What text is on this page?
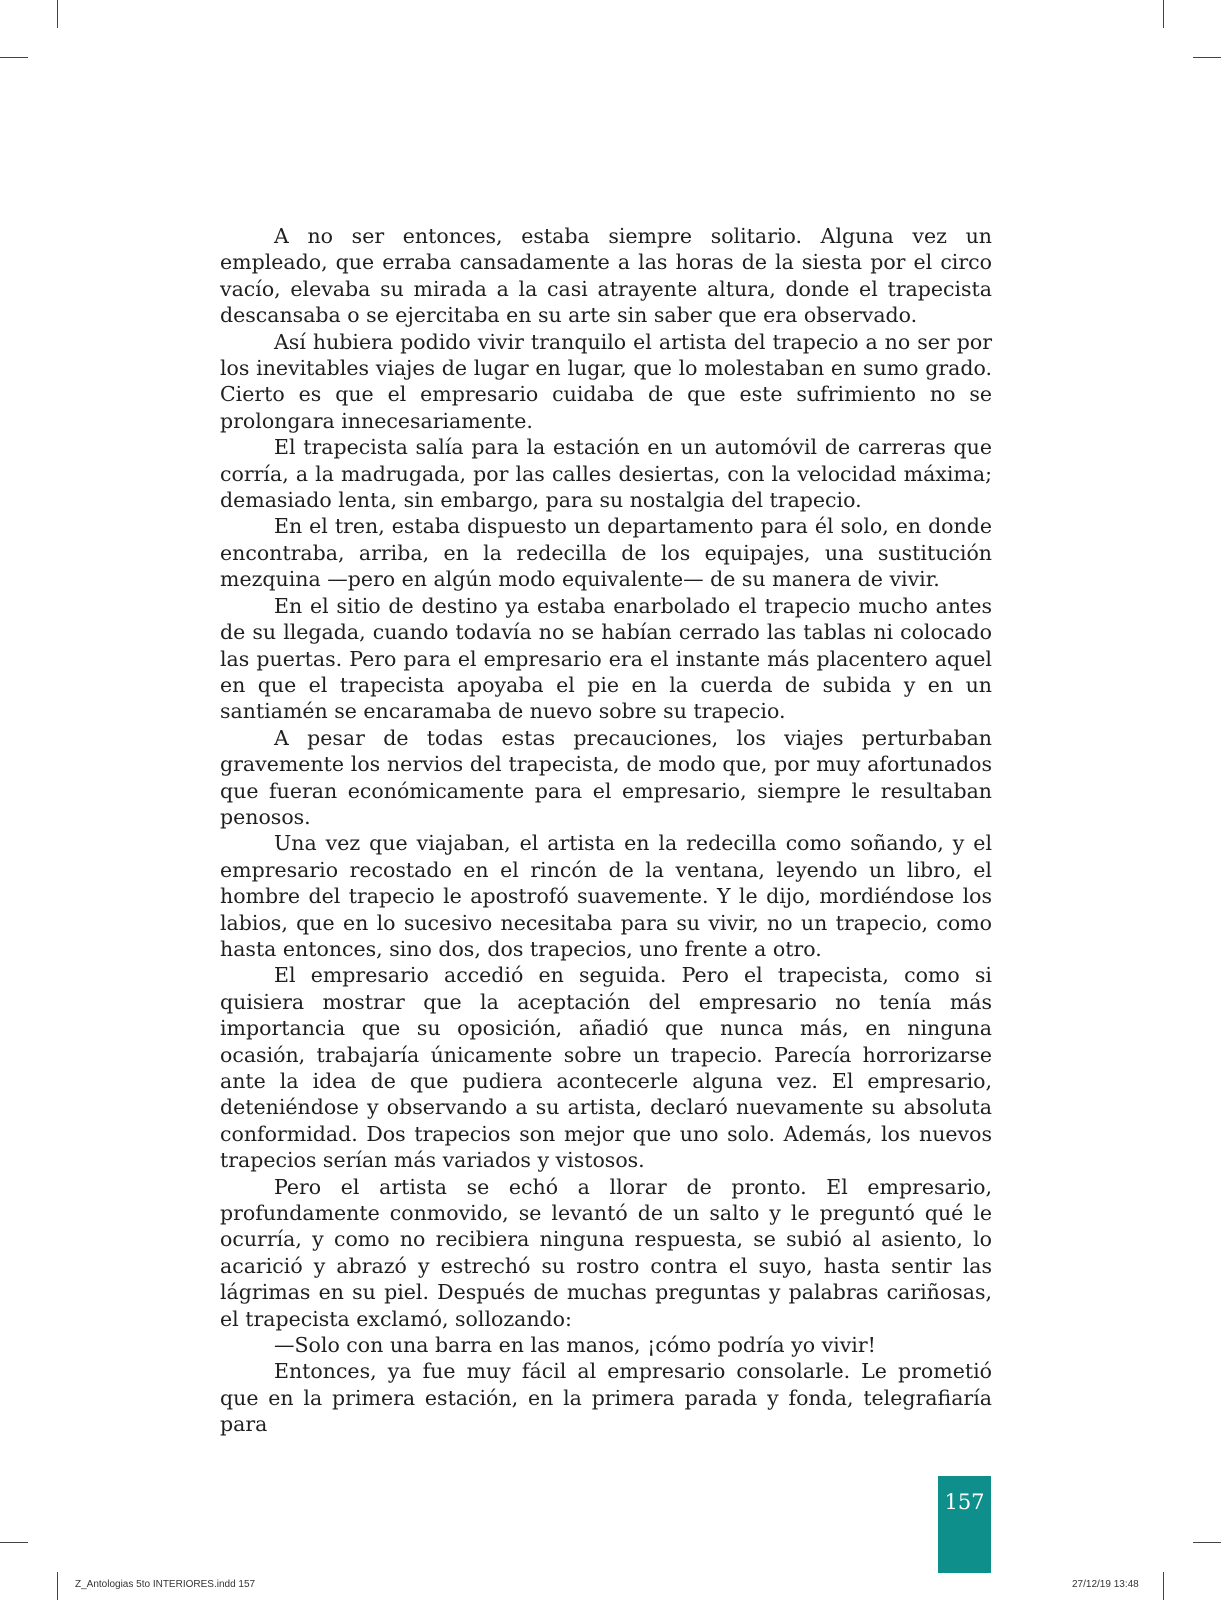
A no ser entonces, estaba siempre solitario. Alguna vez un empleado, que erraba cansadamente a las horas de la siesta por el circo vacío, elevaba su mirada a la casi atrayente altura, donde el trapecista descansaba o se ejercitaba en su arte sin saber que era observado.

Así hubiera podido vivir tranquilo el artista del trapecio a no ser por los inevitables viajes de lugar en lugar, que lo molestaban en sumo grado. Cierto es que el empresario cuidaba de que este sufrimiento no se prolongara innecesariamente.

El trapecista salía para la estación en un automóvil de carreras que corría, a la madrugada, por las calles desiertas, con la velocidad máxima; demasiado lenta, sin embargo, para su nostalgia del trapecio.

En el tren, estaba dispuesto un departamento para él solo, en donde encontraba, arriba, en la redecilla de los equipajes, una sustitución mezquina —pero en algún modo equivalente— de su manera de vivir.

En el sitio de destino ya estaba enarbolado el trapecio mucho antes de su llegada, cuando todavía no se habían cerrado las tablas ni colocado las puertas. Pero para el empresario era el instante más placentero aquel en que el trapecista apoyaba el pie en la cuerda de subida y en un santiamén se encaramaba de nuevo sobre su trapecio.

A pesar de todas estas precauciones, los viajes perturbaban gravemente los nervios del trapecista, de modo que, por muy afortunados que fueran económicamente para el empresario, siempre le resultaban penosos.

Una vez que viajaban, el artista en la redecilla como soñando, y el empresario recostado en el rincón de la ventana, leyendo un libro, el hombre del trapecio le apostrofó suavemente. Y le dijo, mordiéndose los labios, que en lo sucesivo necesitaba para su vivir, no un trapecio, como hasta entonces, sino dos, dos trapecios, uno frente a otro.

El empresario accedió en seguida. Pero el trapecista, como si quisiera mostrar que la aceptación del empresario no tenía más importancia que su oposición, añadió que nunca más, en ninguna ocasión, trabajaría únicamente sobre un trapecio. Parecía horrorizarse ante la idea de que pudiera acontecerle alguna vez. El empresario, deteniéndose y observando a su artista, declaró nuevamente su absoluta conformidad. Dos trapecios son mejor que uno solo. Además, los nuevos trapecios serían más variados y vistosos.

Pero el artista se echó a llorar de pronto. El empresario, profundamente conmovido, se levantó de un salto y le preguntó qué le ocurría, y como no recibiera ninguna respuesta, se subió al asiento, lo acarició y abrazó y estrechó su rostro contra el suyo, hasta sentir las lágrimas en su piel. Después de muchas preguntas y palabras cariñosas, el trapecista exclamó, sollozando:

—Solo con una barra en las manos, ¡cómo podría yo vivir!

Entonces, ya fue muy fácil al empresario consolarle. Le prometió que en la primera estación, en la primera parada y fonda, telegrafiaría para

157
Z_Antologias 5to INTERIORES.indd 157	27/12/19 13:48
